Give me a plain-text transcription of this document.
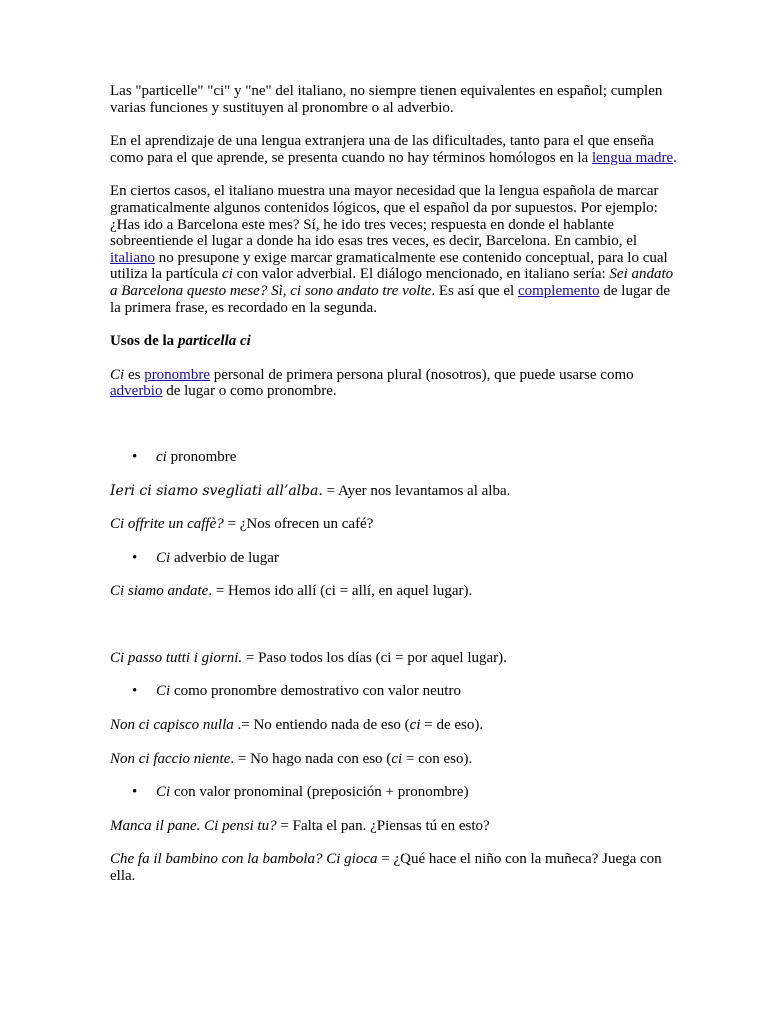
Las "particelle" "ci" y "ne" del italiano, no siempre tienen equivalentes en español; cumplen varias funciones y sustituyen al pronombre o al adverbio.

En el aprendizaje de una lengua extranjera una de las dificultades, tanto para el que enseña como para el que aprende, se presenta cuando no hay términos homólogos en la lengua madre.

En ciertos casos, el italiano muestra una mayor necesidad que la lengua española de marcar gramaticalmente algunos contenidos lógicos, que el español da por supuestos. Por ejemplo: ¿Has ido a Barcelona este mes? Sí, he ido tres veces; respuesta en donde el hablante sobreentiende el lugar a donde ha ido esas tres veces, es decir, Barcelona. En cambio, el italiano no presupone y exige marcar gramaticalmente ese contenido conceptual, para lo cual utiliza la partícula ci con valor adverbial. El diálogo mencionado, en italiano sería: Sei andato a Barcelona questo mese? Sì, ci sono andato tre volte. Es así que el complemento de lugar de la primera frase, es recordado en la segunda.

Usos de la particella ci

Ci es pronombre personal de primera persona plural (nosotros), que puede usarse como adverbio de lugar o como pronombre.

• ci pronombre

Ieri ci siamo svegliati all’alba. = Ayer nos levantamos al alba.

Ci offrite un caffè? = ¿Nos ofrecen un café?

• Ci adverbio de lugar

Ci siamo andate. = Hemos ido allí (ci = allí, en aquel lugar).

Ci passo tutti i giorni. = Paso todos los días (ci = por aquel lugar).

• Ci como pronombre demostrativo con valor neutro

Non ci capisco nulla .= No entiendo nada de eso (ci = de eso).

Non ci faccio niente. = No hago nada con eso (ci = con eso).

• Ci con valor pronominal (preposición + pronombre)

Manca il pane. Ci pensi tu? = Falta el pan. ¿Piensas tú en esto?

Che fa il bambino con la bambola? Ci gioca = ¿Qué hace el niño con la muñeca? Juega con ella.
